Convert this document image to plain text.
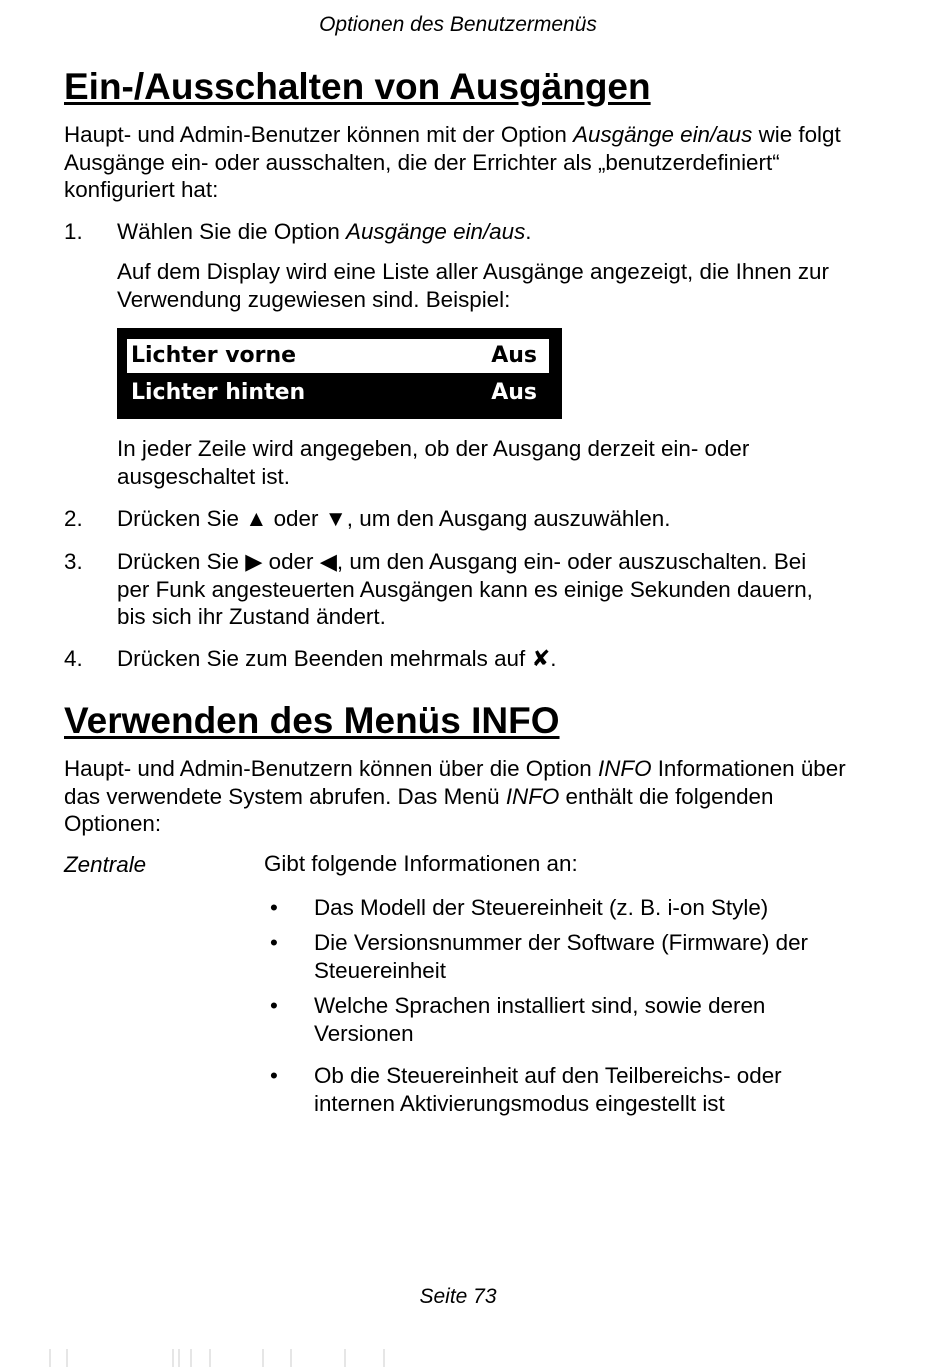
Optionen des Benutzermenüs
Ein-/Ausschalten von Ausgängen

Haupt- und Admin-Benutzer können mit der Option Ausgänge ein/aus wie folgt Ausgänge ein- oder ausschalten, die der Errichter als „benutzerdefiniert“ konfiguriert hat:

1.	Wählen Sie die Option Ausgänge ein/aus.

Auf dem Display wird eine Liste aller Ausgänge angezeigt, die Ihnen zur Verwendung zugewiesen sind. Beispiel:

Lichter vorne	Aus
Lichter hinten	Aus

In jeder Zeile wird angegeben, ob der Ausgang derzeit ein- oder ausgeschaltet ist.

2.	Drücken Sie ▲ oder ▼, um den Ausgang auszuwählen.

3.	Drücken Sie ▶ oder ◀, um den Ausgang ein- oder auszuschalten. Bei per Funk angesteuerten Ausgängen kann es einige Sekunden dauern, bis sich ihr Zustand ändert.

4.	Drücken Sie zum Beenden mehrmals auf ✘.

Verwenden des Menüs INFO

Haupt- und Admin-Benutzern können über die Option INFO Informationen über das verwendete System abrufen. Das Menü INFO enthält die folgenden Optionen:

Zentrale	Gibt folgende Informationen an:
•	Das Modell der Steuereinheit (z. B. i-on Style)

•	Die Versionsnummer der Software (Firmware) der Steuereinheit

•	Welche Sprachen installiert sind, sowie deren Versionen

•	Ob die Steuereinheit auf den Teilbereichs- oder internen Aktivierungsmodus eingestellt ist

Seite 73
